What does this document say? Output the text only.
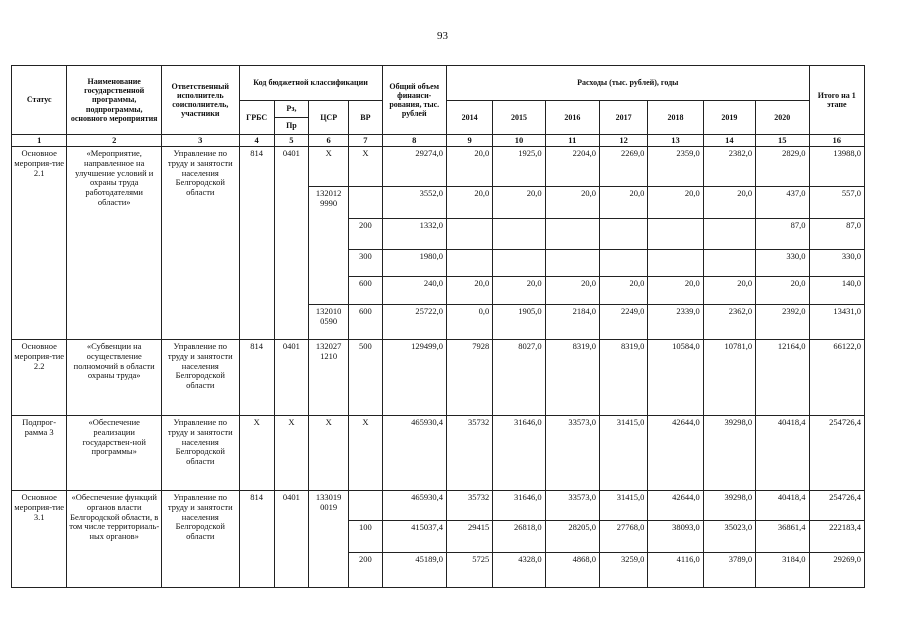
93
Статус	Наименование государственной программы, подпрограммы, основного мероприятия	Ответственный исполнитель соисполнитель, участники	Код бюджетной классификации				Общий объем финанси-рования, тыс. рублей	Расходы (тыс. рублей), годы							Итого на 1 этапе
			ГРБС	Рз,	ЦСР	ВР		2014	2015	2016	2017	2018	2019	2020	
				Пр											
1	2	3	4	5	6	7	8	9	10	11	12	13	14	15	16
Основное мероприя-тие 2.1	«Мероприятие, направленное на улучшение условий и охраны труда работодателями области»	Управление по труду и занятости населения Белгородской области	814	0401	Х	Х	29274,0	20,0	1925,0	2204,0	2269,0	2359,0	2382,0	2829,0	13988,0
					132012 9990		3552,0	20,0	20,0	20,0	20,0	20,0	20,0	437,0	557,0
						200	1332,0							87,0	87,0
						300	1980,0							330,0	330,0
						600	240,0	20,0	20,0	20,0	20,0	20,0	20,0	20,0	140,0
					132010 0590	600	25722,0	0,0	1905,0	2184,0	2249,0	2339,0	2362,0	2392,0	13431,0
Основное мероприя-тие 2.2	«Субвенции на осуществление полномочий в области охраны труда»	Управление по труду и занятости населения Белгородской области	814	0401	132027 1210	500	129499,0	7928	8027,0	8319,0	8319,0	10584,0	10781,0	12164,0	66122,0
Подпрог-рамма 3	«Обеспечение реализации государствен-ной программы»	Управление по труду и занятости населения Белгородской области	Х	Х	Х	Х	465930,4	35732	31646,0	33573,0	31415,0	42644,0	39298,0	40418,4	254726,4
Основное мероприя-тие 3.1	«Обеспечение функций органов власти Белгородской области, в том числе территориаль-ных органов»	Управление по труду и занятости населения Белгородской области	814	0401	133019 0019		465930,4	35732	31646,0	33573,0	31415,0	42644,0	39298,0	40418,4	254726,4
						100	415037,4	29415	26818,0	28205,0	27768,0	38093,0	35023,0	36861,4	222183,4
						200	45189,0	5725	4328,0	4868,0	3259,0	4116,0	3789,0	3184,0	29269,0
